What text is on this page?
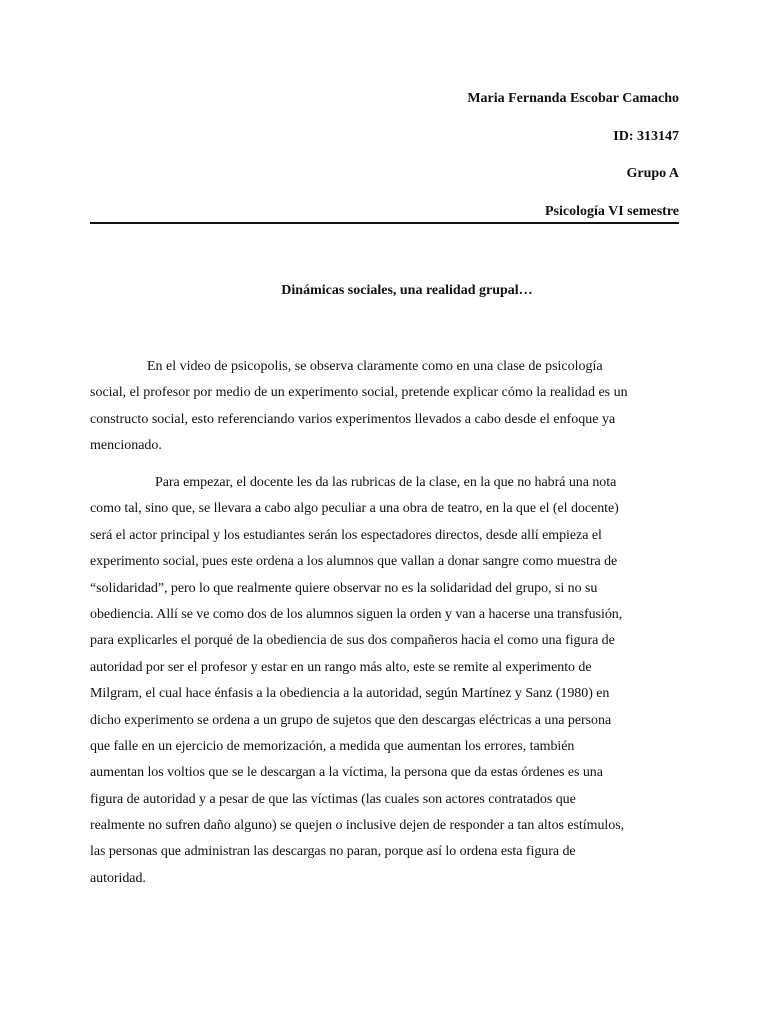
Maria Fernanda Escobar Camacho
ID: 313147
Grupo A
Psicología VI semestre
Dinámicas sociales, una realidad grupal…
En el video de psicopolis, se observa claramente como en una clase de psicología
social, el profesor por medio de un experimento social, pretende explicar cómo la realidad es un
constructo social, esto referenciando varios experimentos llevados a cabo desde el enfoque ya
mencionado.
Para empezar, el docente les da las rubricas de la clase, en la que no habrá una nota
como tal, sino que, se llevara a cabo algo peculiar a una obra de teatro, en la que el (el docente)
será el actor principal y los estudiantes serán los espectadores directos, desde allí empieza el
experimento social, pues este ordena a los alumnos que vallan a donar sangre como muestra de
“solidaridad”, pero lo que realmente quiere observar no es la solidaridad del grupo, si no su
obediencia. Allí se ve como dos de los alumnos siguen la orden y van a hacerse una transfusión,
para explicarles el porqué de la obediencia de sus dos compañeros hacia el como una figura de
autoridad por ser el profesor y estar en un rango más alto, este se remite al experimento de
Milgram, el cual hace énfasis a la obediencia a la autoridad, según Martínez y Sanz (1980) en
dicho experimento se ordena a un grupo de sujetos que den descargas eléctricas a una persona
que falle en un ejercicio de memorización, a medida que aumentan los errores, también
aumentan los voltios que se le descargan a la víctima, la persona que da estas órdenes es una
figura de autoridad y a pesar de que las víctimas (las cuales son actores contratados que
realmente no sufren daño alguno) se quejen o inclusive dejen de responder a tan altos estímulos,
las personas que administran las descargas no paran, porque así lo ordena esta figura de
autoridad.
